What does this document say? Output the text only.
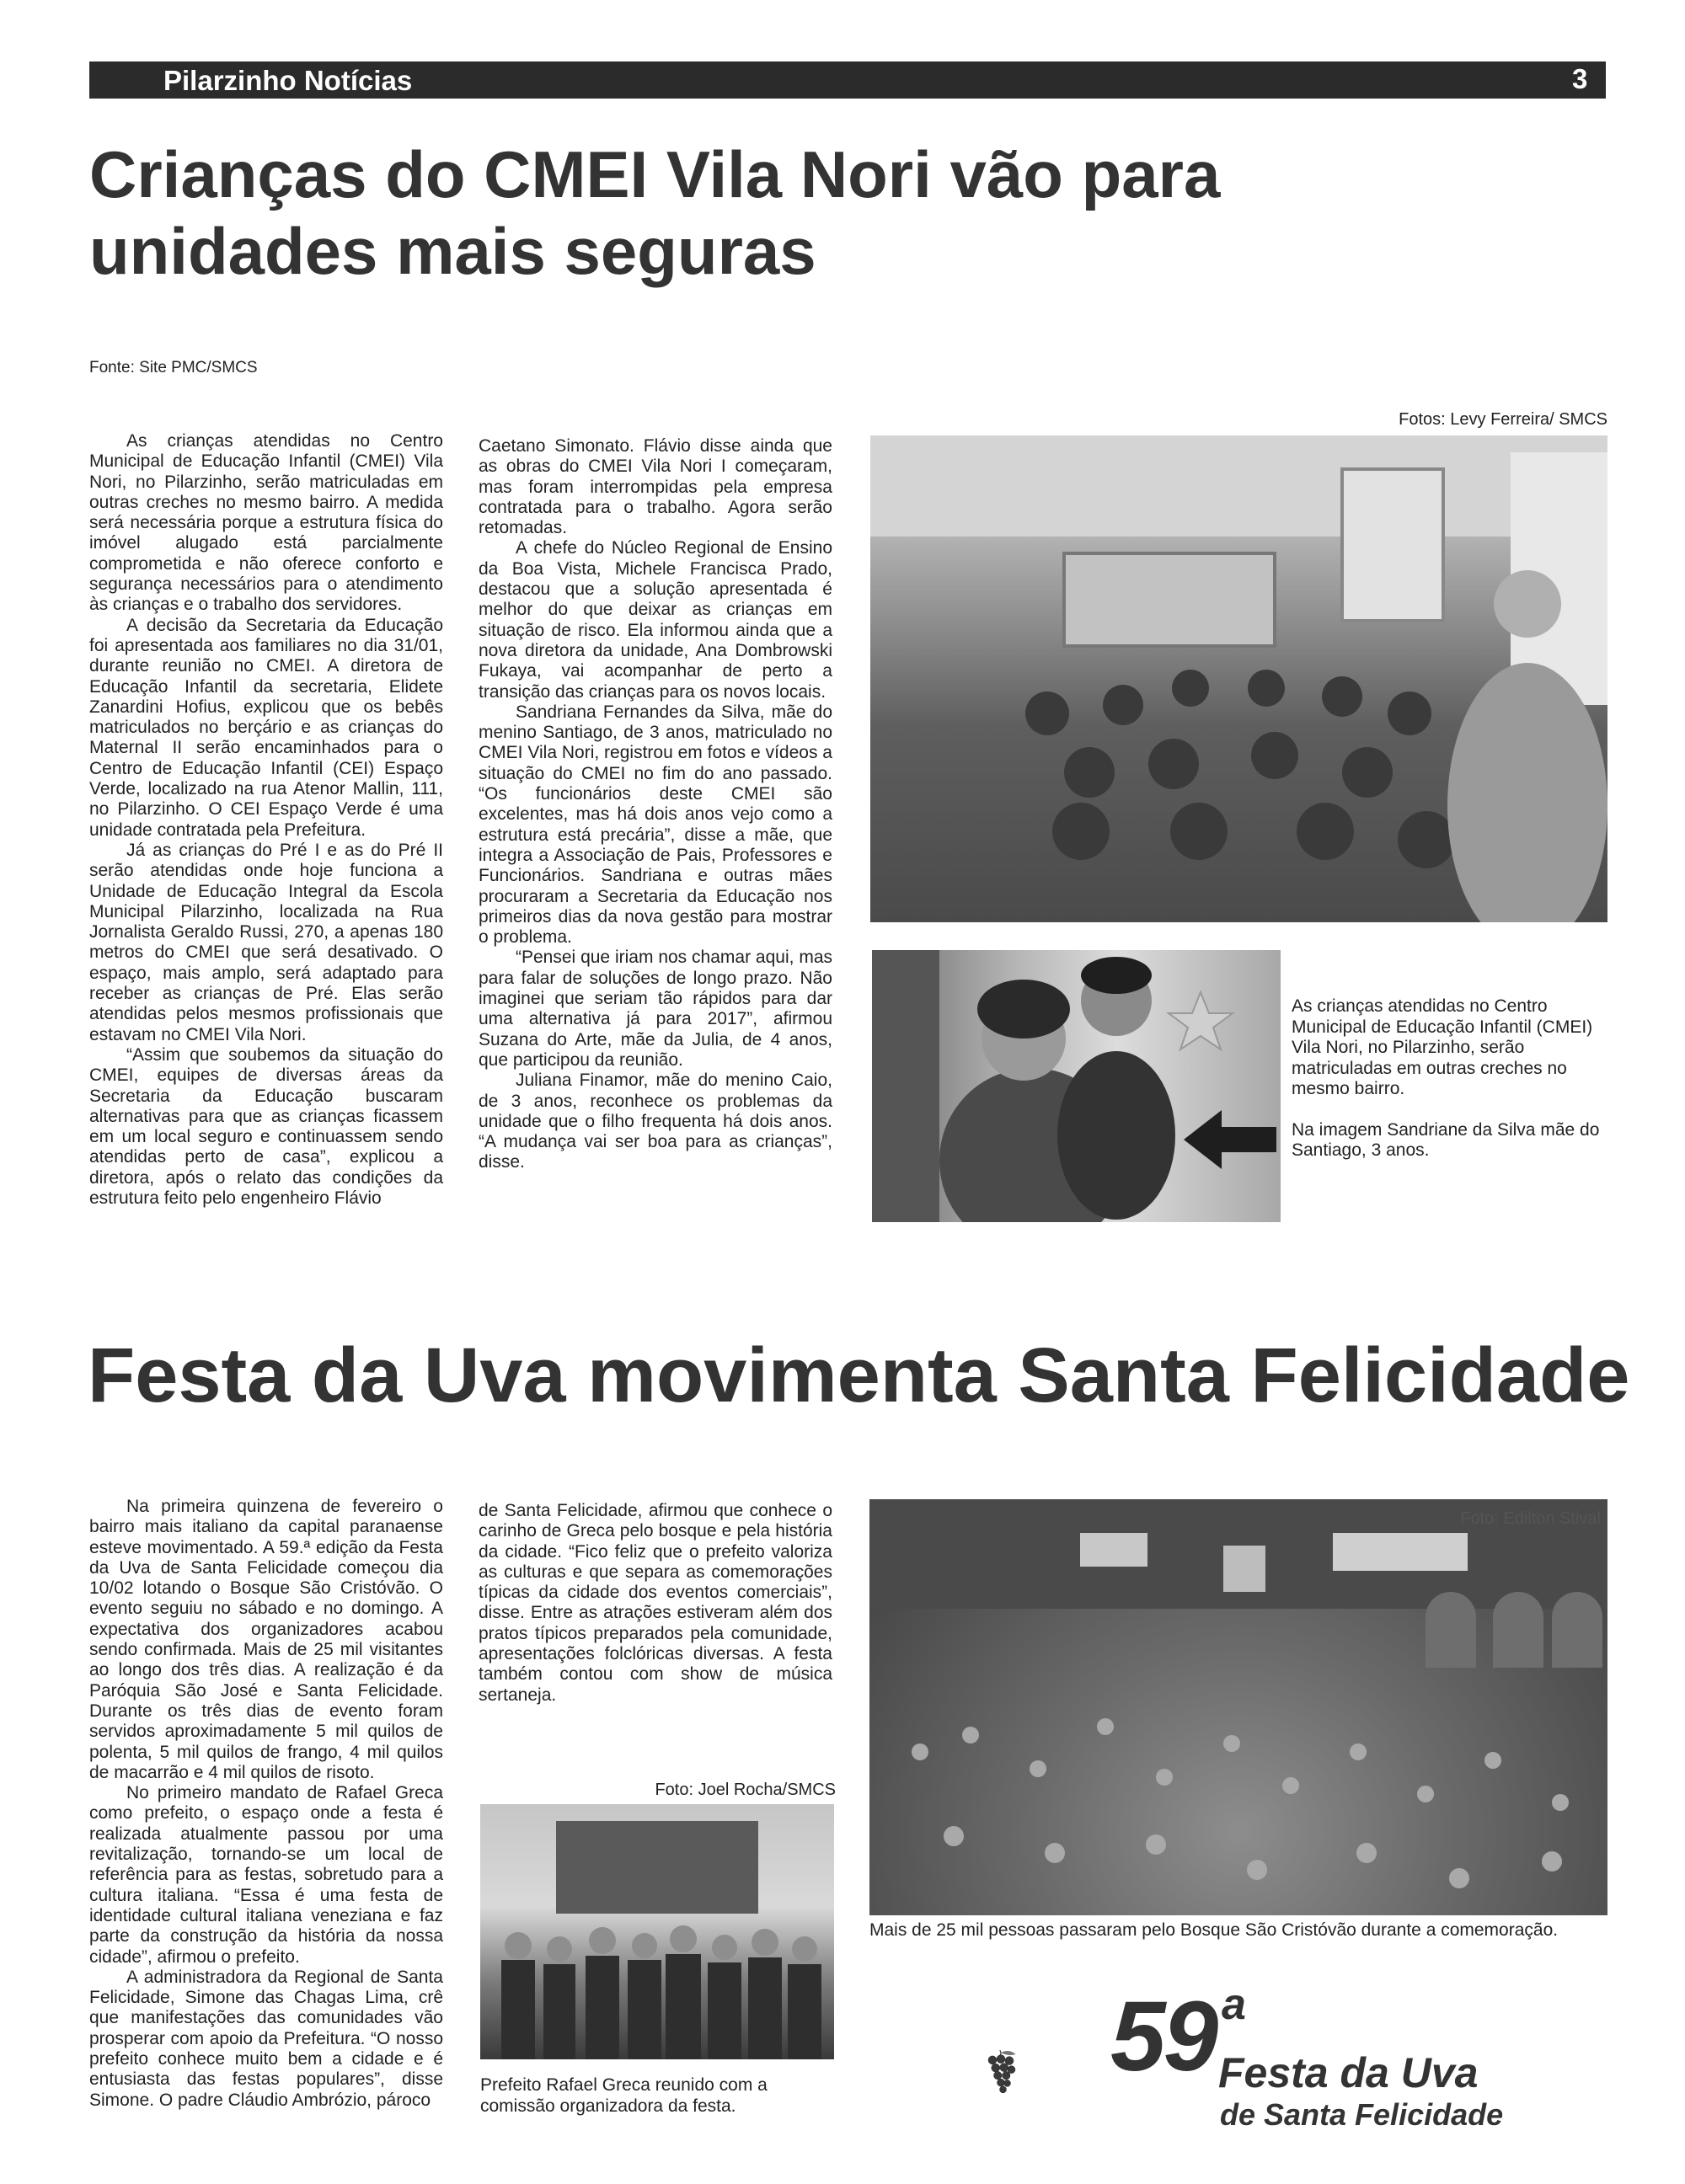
Pilarzinho Notícias	3
Crianças do CMEI Vila Nori vão para unidades mais seguras
Fonte: Site PMC/SMCS

As crianças atendidas no Centro Municipal de Educação Infantil (CMEI) Vila Nori, no Pilarzinho, serão matriculadas em outras creches no mesmo bairro. A medida será necessária porque a estrutura física do imóvel alugado está parcialmente comprometida e não oferece conforto e segurança necessários para o atendimento às crianças e o trabalho dos servidores.

A decisão da Secretaria da Educação foi apresentada aos familiares no dia 31/01, durante reunião no CMEI. A diretora de Educação Infantil da secretaria, Elidete Zanardini Hofius, explicou que os bebês matriculados no berçário e as crianças do Maternal II serão encaminhados para o Centro de Educação Infantil (CEI) Espaço Verde, localizado na rua Atenor Mallin, 111, no Pilarzinho. O CEI Espaço Verde é uma unidade contratada pela Prefeitura.

Já as crianças do Pré I e as do Pré II serão atendidas onde hoje funciona a Unidade de Educação Integral da Escola Municipal Pilarzinho, localizada na Rua Jornalista Geraldo Russi, 270, a apenas 180 metros do CMEI que será desativado. O espaço, mais amplo, será adaptado para receber as crianças de Pré. Elas serão atendidas pelos mesmos profissionais que estavam no CMEI Vila Nori.

“Assim que soubemos da situação do CMEI, equipes de diversas áreas da Secretaria da Educação buscaram alternativas para que as crianças ficassem em um local seguro e continuassem sendo atendidas perto de casa”, explicou a diretora, após o relato das condições da estrutura feito pelo engenheiro Flávio

Caetano Simonato. Flávio disse ainda que as obras do CMEI Vila Nori I começaram, mas foram interrompidas pela empresa contratada para o trabalho. Agora serão retomadas.

A chefe do Núcleo Regional de Ensino da Boa Vista, Michele Francisca Prado, destacou que a solução apresentada é melhor do que deixar as crianças em situação de risco. Ela informou ainda que a nova diretora da unidade, Ana Dombrowski Fukaya, vai acompanhar de perto a transição das crianças para os novos locais.

Sandriana Fernandes da Silva, mãe do menino Santiago, de 3 anos, matriculado no CMEI Vila Nori, registrou em fotos e vídeos a situação do CMEI no fim do ano passado. “Os funcionários deste CMEI são excelentes, mas há dois anos vejo como a estrutura está precária”, disse a mãe, que integra a Associação de Pais, Professores e Funcionários. Sandriana e outras mães procuraram a Secretaria da Educação nos primeiros dias da nova gestão para mostrar o problema.

“Pensei que iriam nos chamar aqui, mas para falar de soluções de longo prazo. Não imaginei que seriam tão rápidos para dar uma alternativa já para 2017”, afirmou Suzana do Arte, mãe da Julia, de 4 anos, que participou da reunião.

Juliana Finamor, mãe do menino Caio, de 3 anos, reconhece os problemas da unidade que o filho frequenta há dois anos. “A mudança vai ser boa para as crianças”, disse.

Fotos: Levy Ferreira/ SMCS

As crianças atendidas no Centro Municipal de Educação Infantil (CMEI) Vila Nori, no Pilarzinho, serão matriculadas em outras creches no mesmo bairro.

Na imagem Sandriane da Silva mãe do Santiago, 3 anos.

Festa da Uva movimenta Santa Felicidade

Na primeira quinzena de fevereiro o bairro mais italiano da capital paranaense esteve movimentado. A 59.ª edição da Festa da Uva de Santa Felicidade começou dia 10/02 lotando o Bosque São Cristóvão. O evento seguiu no sábado e no domingo. A expectativa dos organizadores acabou sendo confirmada. Mais de 25 mil visitantes ao longo dos três dias. A realização é da Paróquia São José e Santa Felicidade. Durante os três dias de evento foram servidos aproximadamente 5 mil quilos de polenta, 5 mil quilos de frango, 4 mil quilos de macarrão e 4 mil quilos de risoto.

No primeiro mandato de Rafael Greca como prefeito, o espaço onde a festa é realizada atualmente passou por uma revitalização, tornando-se um local de referência para as festas, sobretudo para a cultura italiana. “Essa é uma festa de identidade cultural italiana veneziana e faz parte da construção da história da nossa cidade”, afirmou o prefeito.

A administradora da Regional de Santa Felicidade, Simone das Chagas Lima, crê que manifestações das comunidades vão prosperar com apoio da Prefeitura. “O nosso prefeito conhece muito bem a cidade e é entusiasta das festas populares”, disse Simone. O padre Cláudio Ambrózio, pároco

de Santa Felicidade, afirmou que conhece o carinho de Greca pelo bosque e pela história da cidade. “Fico feliz que o prefeito valoriza as culturas e que separa as comemorações típicas da cidade dos eventos comerciais”, disse. Entre as atrações estiveram além dos pratos típicos preparados pela comunidade, apresentações folclóricas diversas. A festa também contou com show de música sertaneja.

Foto: Joel Rocha/SMCS
Prefeito Rafael Greca reunido com a comissão organizadora da festa.
Foto: Edilton Stival
Mais de 25 mil pessoas passaram pelo Bosque São Cristóvão durante a comemoração.
59 a
Festa da Uva
de Santa Felicidade
